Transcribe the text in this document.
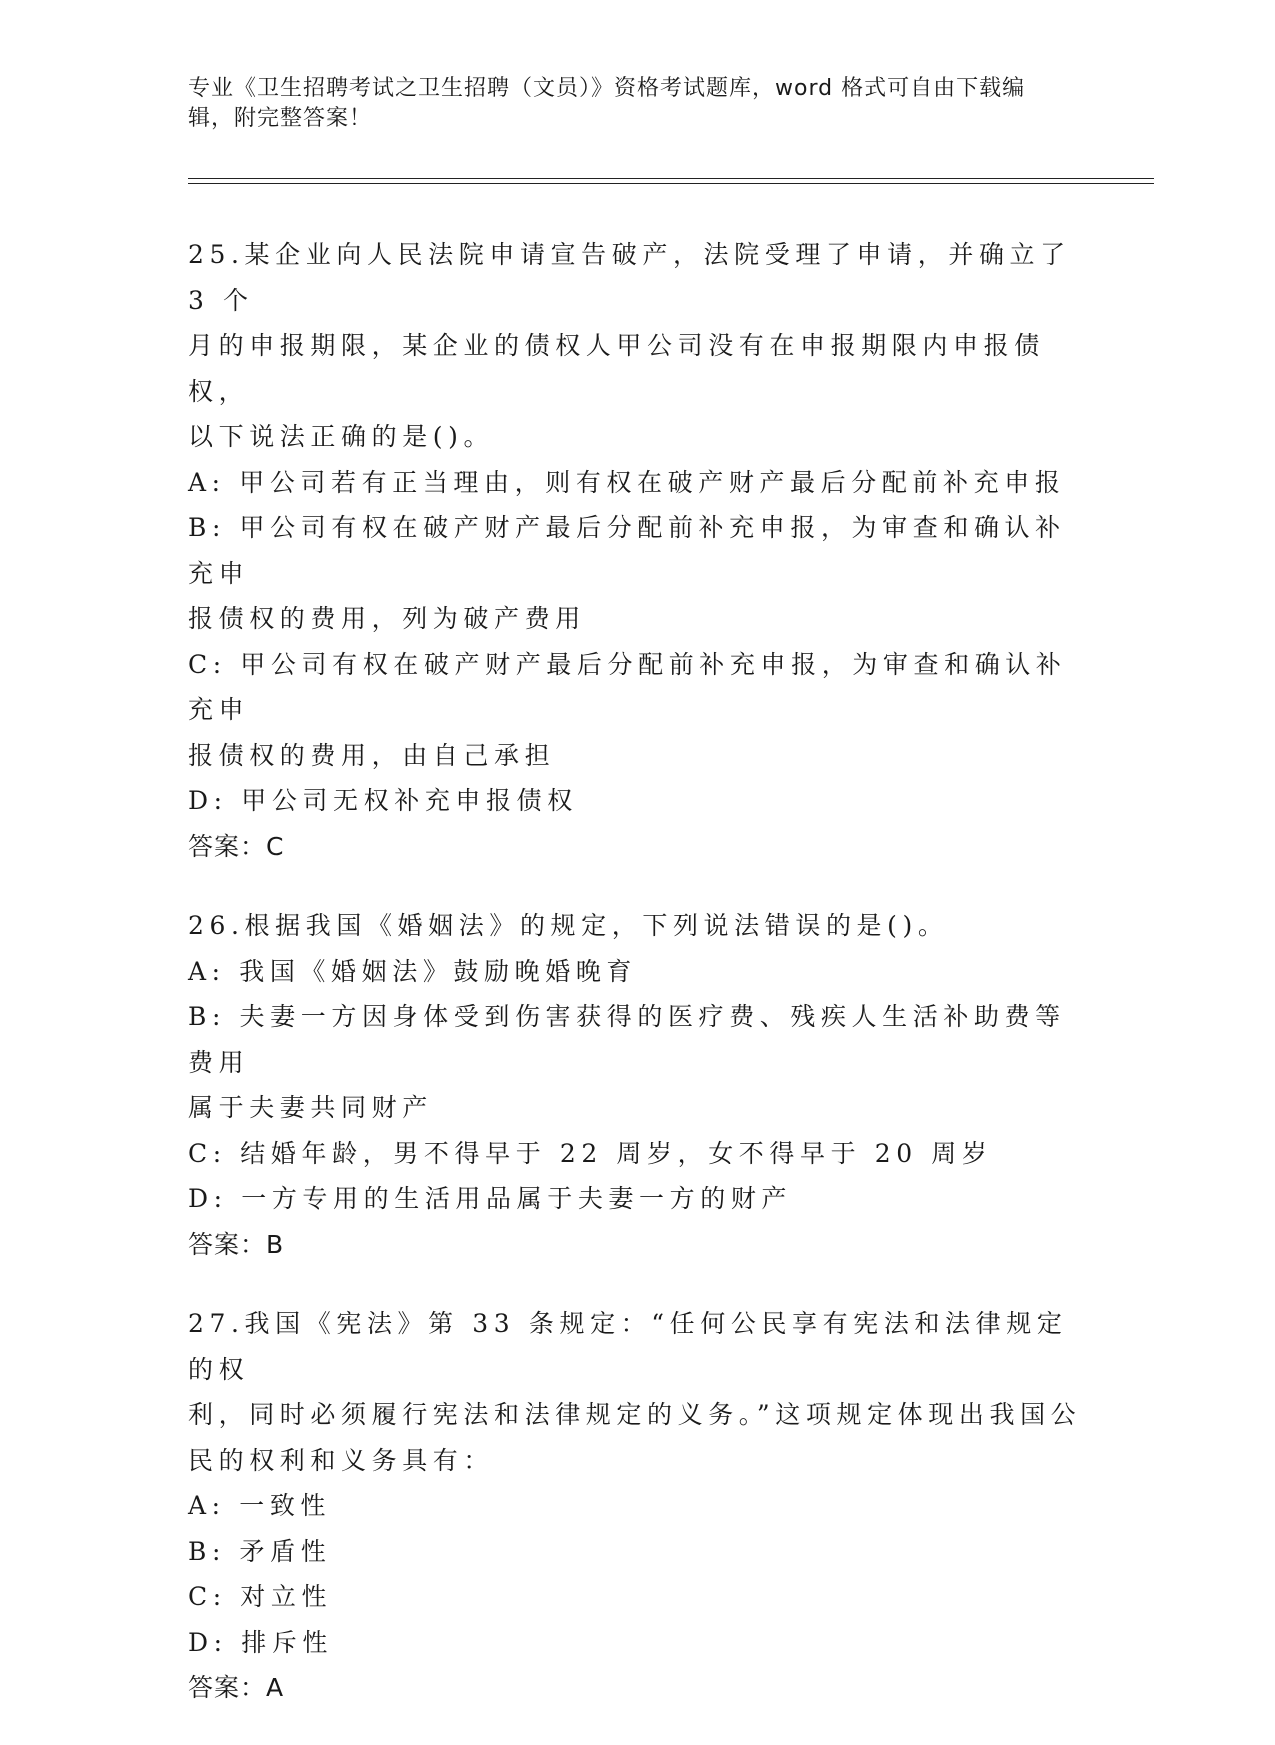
专业《卫生招聘考试之卫生招聘（文员）》资格考试题库，word 格式可自由下载编辑，附完整答案！
25.某企业向人民法院申请宣告破产，法院受理了申请，并确立了 3 个
月的申报期限，某企业的债权人甲公司没有在申报期限内申报债权，
以下说法正确的是()。
A: 甲公司若有正当理由，则有权在破产财产最后分配前补充申报
B: 甲公司有权在破产财产最后分配前补充申报，为审查和确认补充申
报债权的费用，列为破产费用
C: 甲公司有权在破产财产最后分配前补充申报，为审查和确认补充申
报债权的费用，由自己承担
D: 甲公司无权补充申报债权
答案：C
26.根据我国《婚姻法》的规定，下列说法错误的是()。
A: 我国《婚姻法》鼓励晚婚晚育
B: 夫妻一方因身体受到伤害获得的医疗费、残疾人生活补助费等费用
属于夫妻共同财产
C: 结婚年龄，男不得早于 22 周岁，女不得早于 20 周岁
D: 一方专用的生活用品属于夫妻一方的财产
答案：B
27.我国《宪法》第 33 条规定：“任何公民享有宪法和法律规定的权
利，同时必须履行宪法和法律规定的义务。”这项规定体现出我国公
民的权利和义务具有：
A: 一致性
B: 矛盾性
C: 对立性
D: 排斥性
答案：A
